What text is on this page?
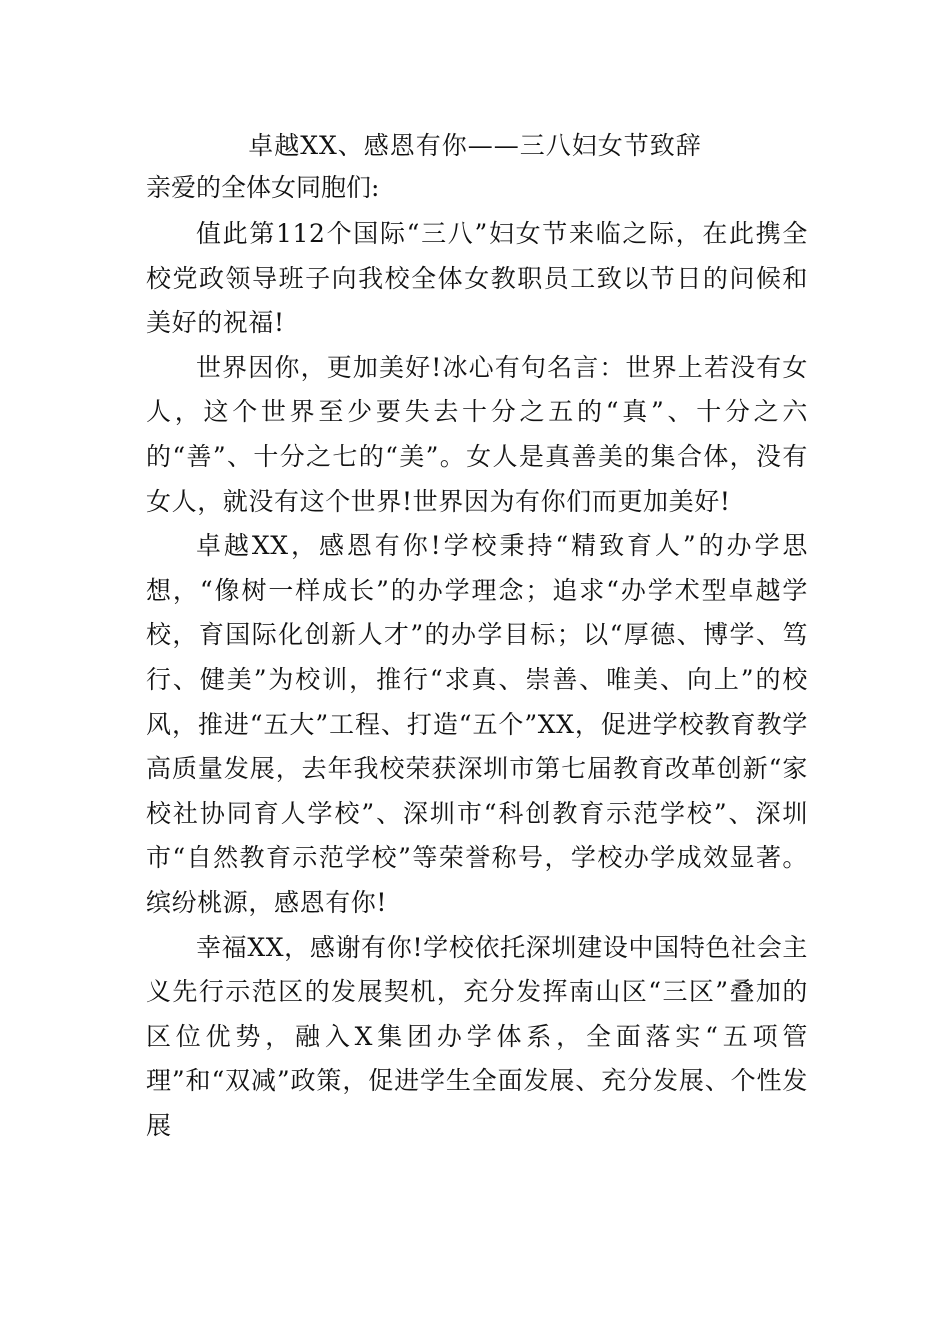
卓越XX、感恩有你——三八妇女节致辞

亲爱的全体女同胞们:

值此第112个国际“三八”妇女节来临之际，在此携全校党政领导班子向我校全体女教职员工致以节日的问候和美好的祝福!

世界因你，更加美好!冰心有句名言：世界上若没有女人，这个世界至少要失去十分之五的“真”、十分之六的“善”、十分之七的“美”。女人是真善美的集合体，没有女人，就没有这个世界!世界因为有你们而更加美好!

卓越XX，感恩有你!学校秉持“精致育人”的办学思想，“像树一样成长”的办学理念；追求“办学术型卓越学校，育国际化创新人才”的办学目标；以“厚德、博学、笃行、健美”为校训，推行“求真、崇善、唯美、向上”的校风，推进“五大”工程、打造“五个”XX，促进学校教育教学高质量发展，去年我校荣获深圳市第七届教育改革创新“家校社协同育人学校”、深圳市“科创教育示范学校”、深圳市“自然教育示范学校”等荣誉称号，学校办学成效显著。缤纷桃源，感恩有你!

幸福XX，感谢有你!学校依托深圳建设中国特色社会主义先行示范区的发展契机，充分发挥南山区“三区”叠加的区位优势，融入X集团办学体系，全面落实“五项管理”和“双减”政策，促进学生全面发展、充分发展、个性发展
